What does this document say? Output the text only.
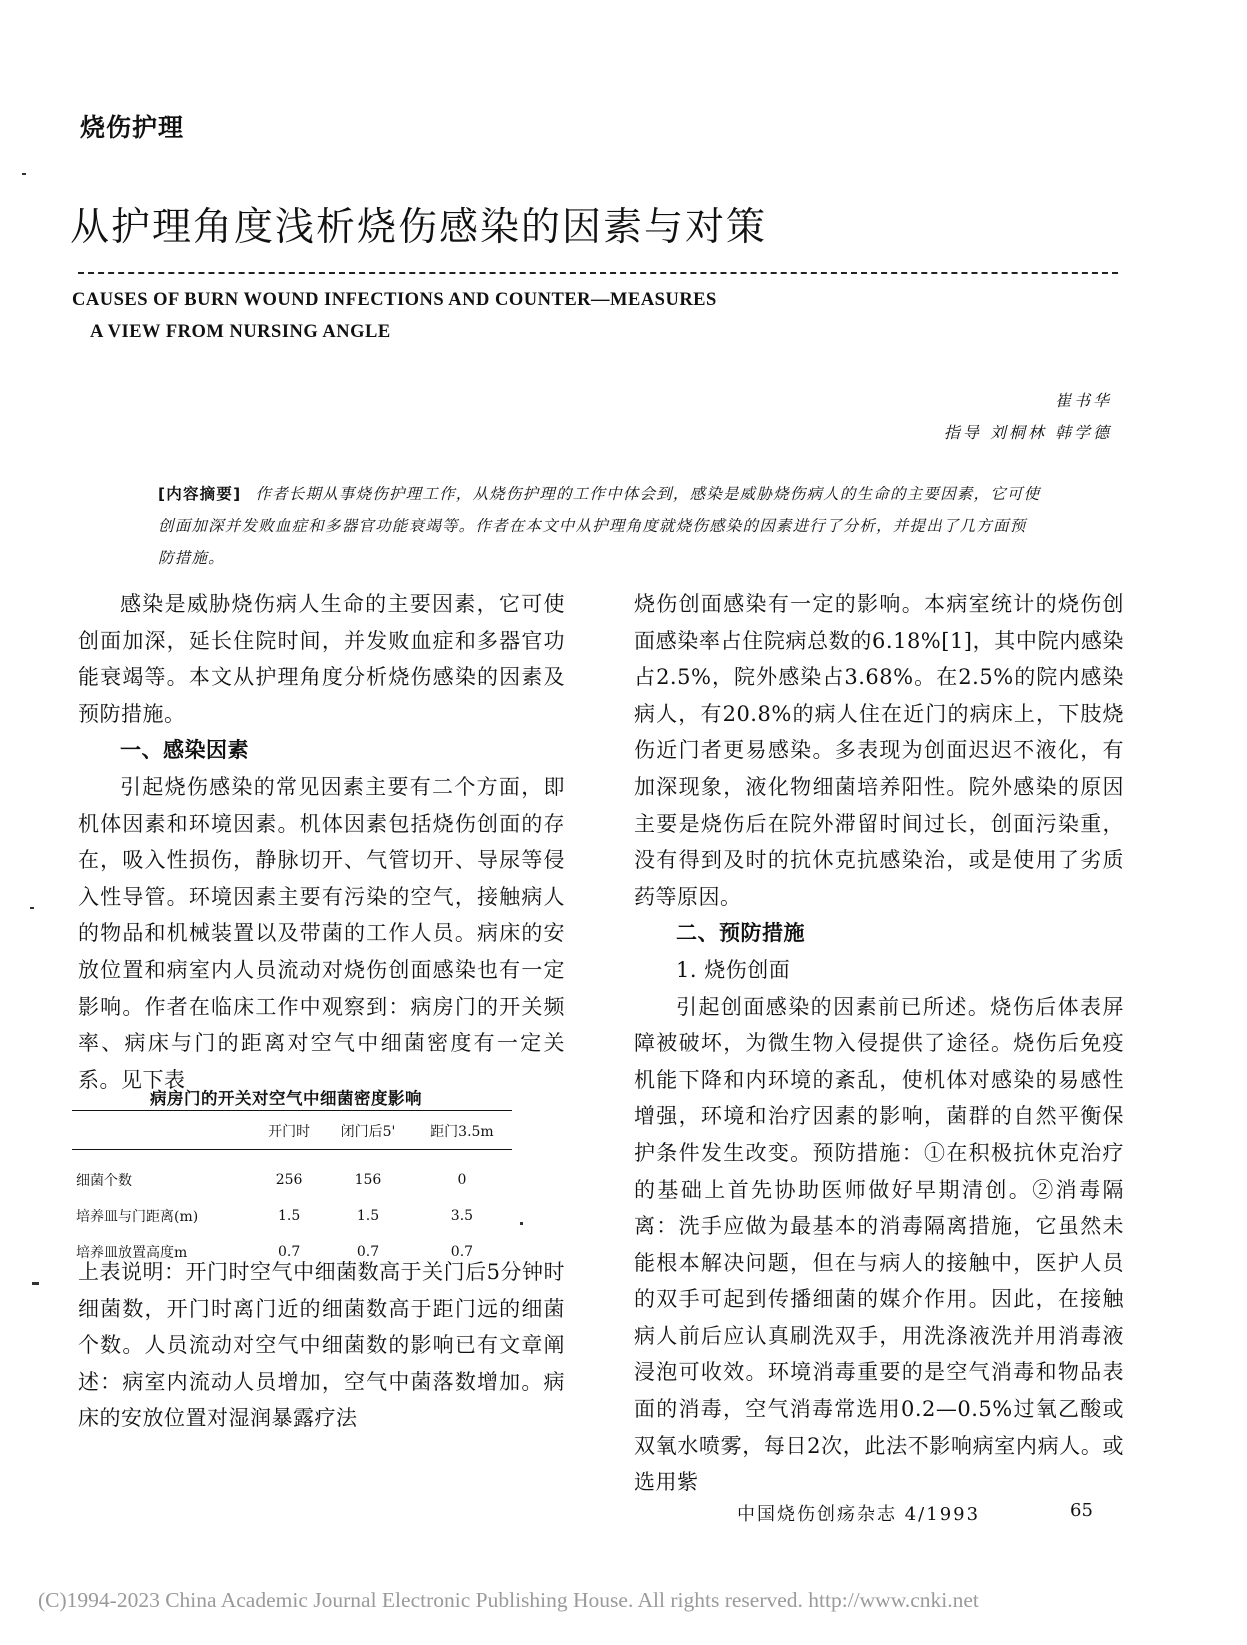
烧伤护理
从护理角度浅析烧伤感染的因素与对策
CAUSES OF BURN WOUND INFECTIONS AND COUNTER—MEASURES
A VIEW FROM NURSING ANGLE
崔书华
指导 刘桐林 韩学德
[内容摘要] 作者长期从事烧伤护理工作，从烧伤护理的工作中体会到，感染是威胁烧伤病人的生命的主要因素，它可使创面加深并发败血症和多器官功能衰竭等。作者在本文中从护理角度就烧伤感染的因素进行了分析，并提出了几方面预防措施。

感染是威胁烧伤病人生命的主要因素，它可使创面加深，延长住院时间，并发败血症和多器官功能衰竭等。本文从护理角度分析烧伤感染的因素及预防措施。

一、感染因素

引起烧伤感染的常见因素主要有二个方面，即机体因素和环境因素。机体因素包括烧伤创面的存在，吸入性损伤，静脉切开、气管切开、导尿等侵入性导管。环境因素主要有污染的空气，接触病人的物品和机械装置以及带菌的工作人员。病床的安放位置和病室内人员流动对烧伤创面感染也有一定影响。作者在临床工作中观察到：病房门的开关频率、病床与门的距离对空气中细菌密度有一定关系。见下表

病房门的开关对空气中细菌密度影响
	开门时	闭门后5'	距门3.5m
细菌个数	256	156	0
培养皿与门距离(m)	1.5	1.5	3.5
培养皿放置高度m	0.7	0.7	0.7

上表说明：开门时空气中细菌数高于关门后5分钟时细菌数，开门时离门近的细菌数高于距门远的细菌个数。人员流动对空气中细菌数的影响已有文章阐述：病室内流动人员增加，空气中菌落数增加。病床的安放位置对湿润暴露疗法

烧伤创面感染有一定的影响。本病室统计的烧伤创面感染率占住院病总数的6.18%[1]，其中院内感染占2.5%，院外感染占3.68%。在2.5%的院内感染病人，有20.8%的病人住在近门的病床上，下肢烧伤近门者更易感染。多表现为创面迟迟不液化，有加深现象，液化物细菌培养阳性。院外感染的原因主要是烧伤后在院外滞留时间过长，创面污染重，没有得到及时的抗休克抗感染治，或是使用了劣质药等原因。

二、预防措施

1. 烧伤创面

引起创面感染的因素前已所述。烧伤后体表屏障被破坏，为微生物入侵提供了途径。烧伤后免疫机能下降和内环境的紊乱，使机体对感染的易感性增强，环境和治疗因素的影响，菌群的自然平衡保护条件发生改变。预防措施：①在积极抗休克治疗的基础上首先协助医师做好早期清创。②消毒隔离：洗手应做为最基本的消毒隔离措施，它虽然未能根本解决问题，但在与病人的接触中，医护人员的双手可起到传播细菌的媒介作用。因此，在接触病人前后应认真刷洗双手，用洗涤液洗并用消毒液浸泡可收效。环境消毒重要的是空气消毒和物品表面的消毒，空气消毒常选用0.2—0.5%过氧乙酸或双氧水喷雾，每日2次，此法不影响病室内病人。或选用紫

中国烧伤创疡杂志 4/1993	65
(C)1994-2023 China Academic Journal Electronic Publishing House. All rights reserved. http://www.cnki.net
